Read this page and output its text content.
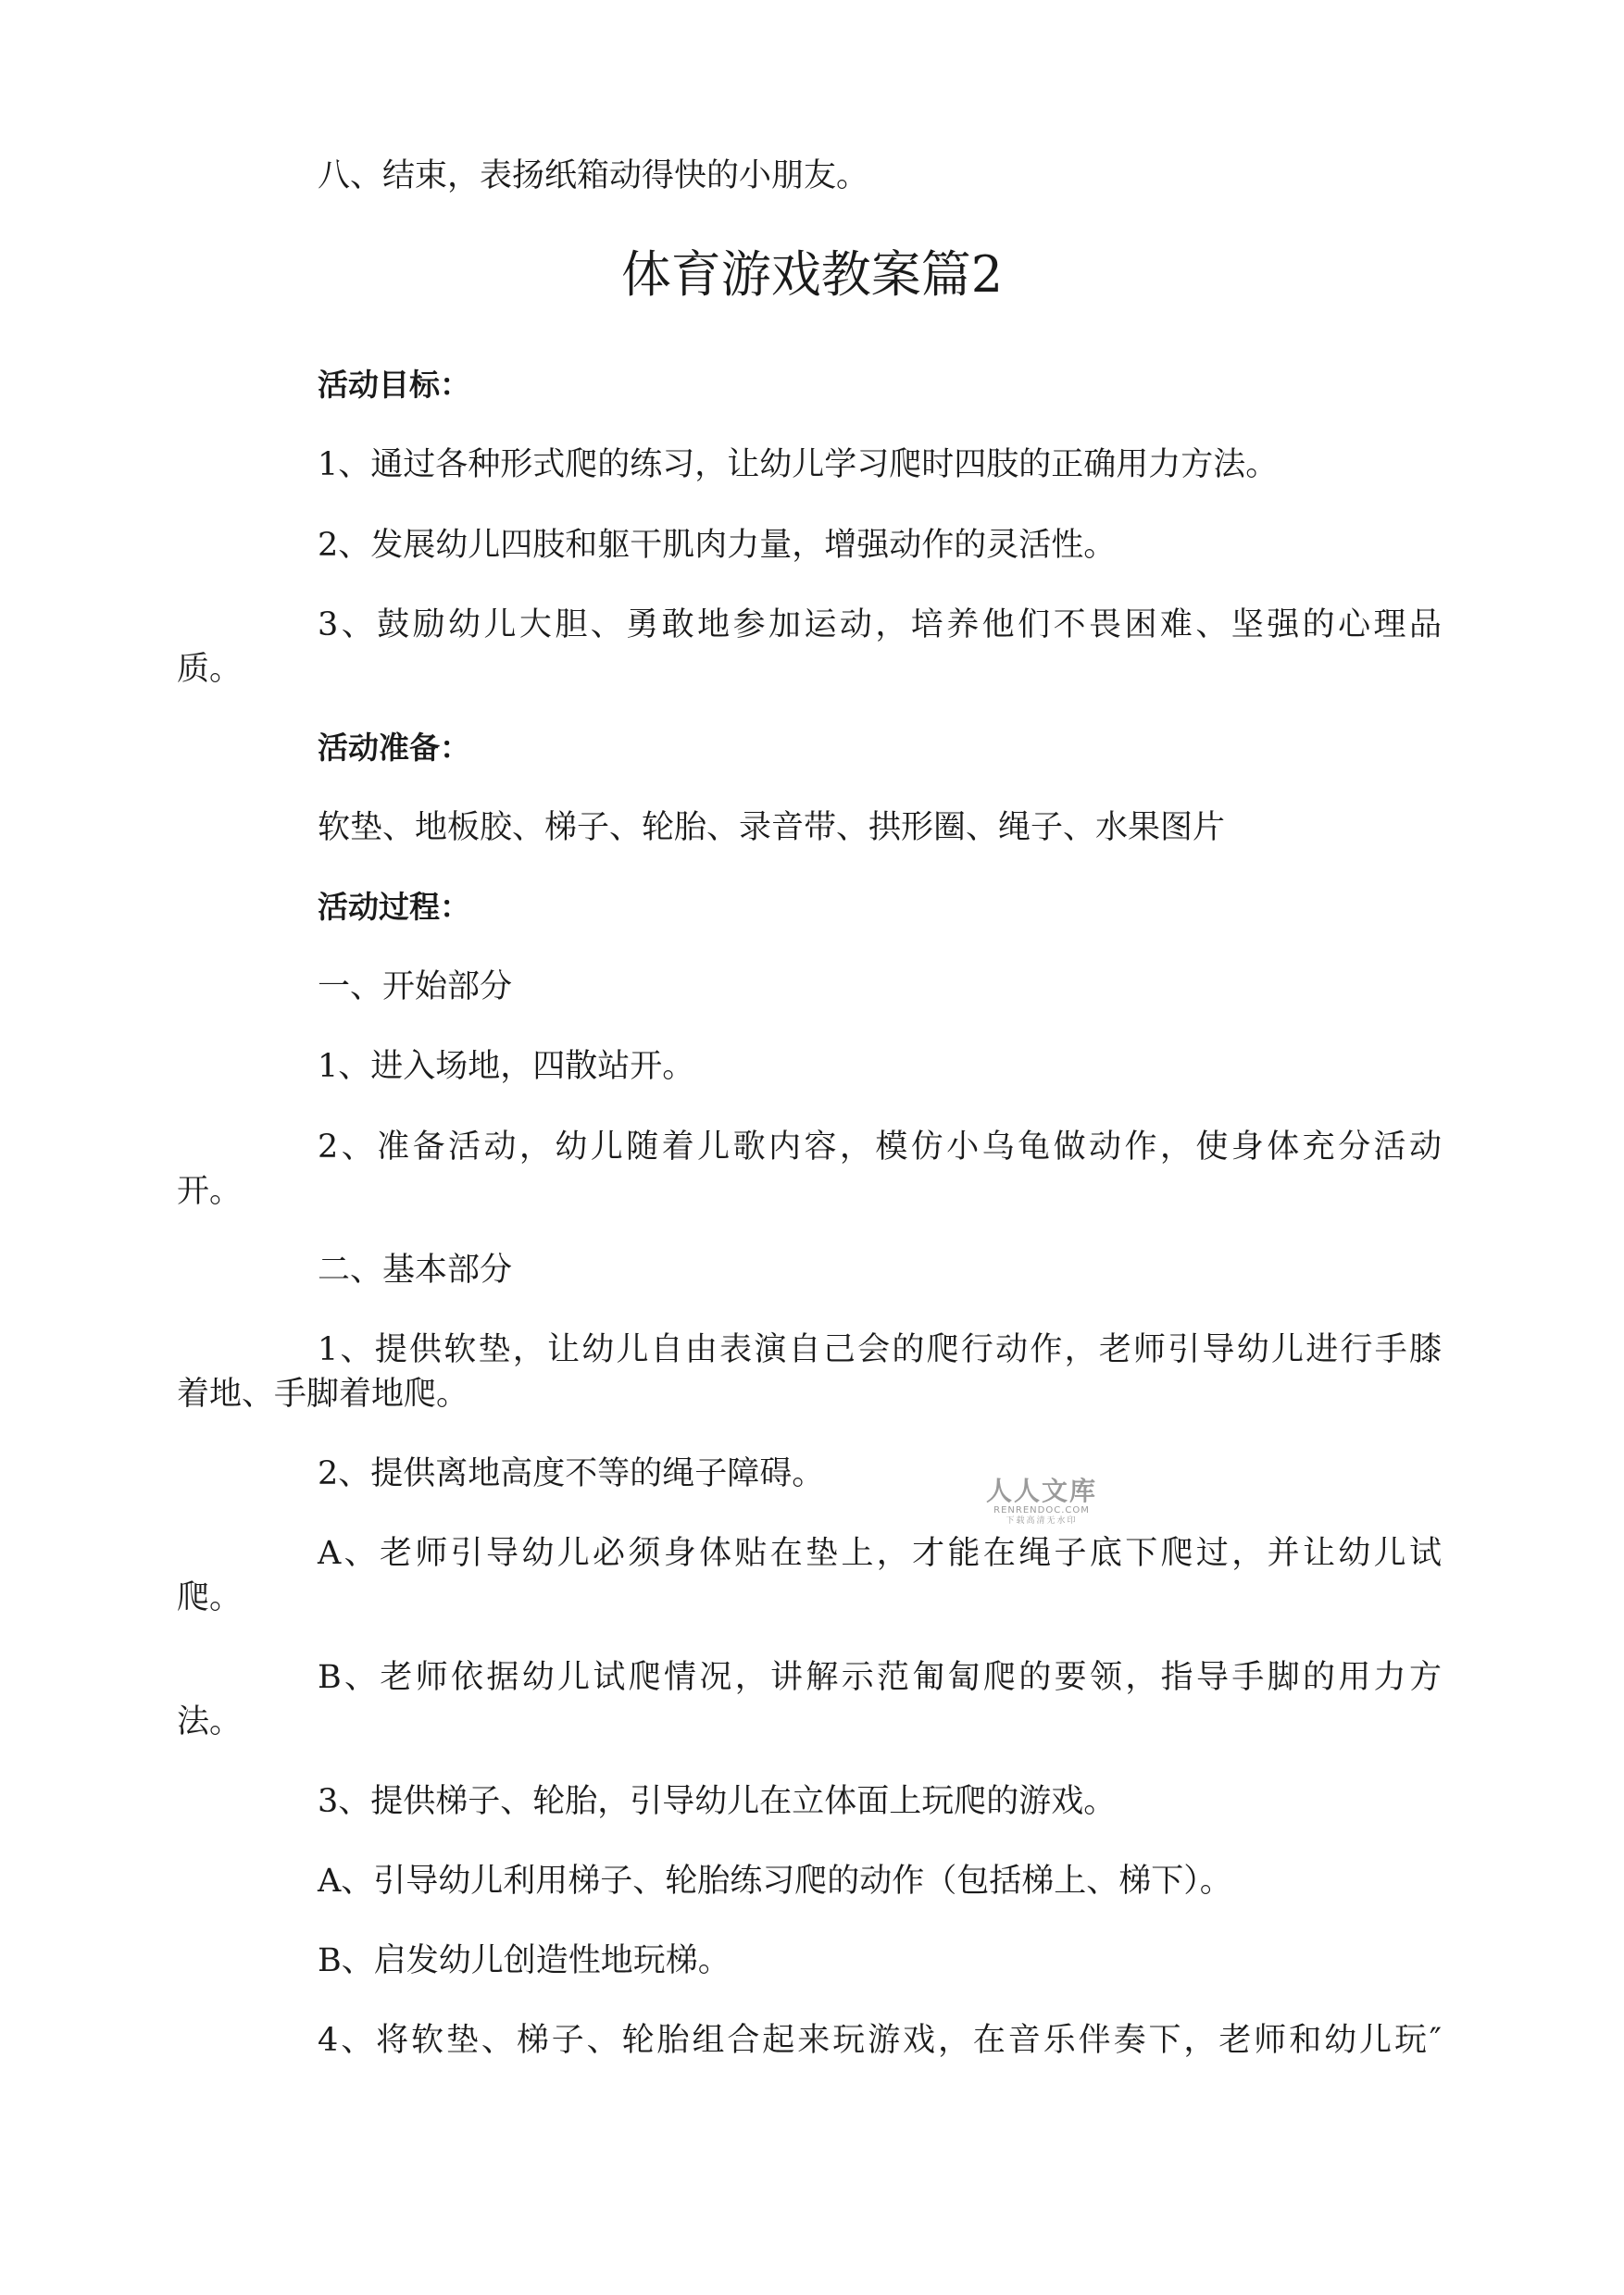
八、结束，表扬纸箱动得快的小朋友。

体育游戏教案篇2

活动目标：

1、通过各种形式爬的练习，让幼儿学习爬时四肢的正确用力方法。

2、发展幼儿四肢和躯干肌肉力量，增强动作的灵活性。

3、鼓励幼儿大胆、勇敢地参加运动，培养他们不畏困难、坚强的心理品

质。

活动准备：

软垫、地板胶、梯子、轮胎、录音带、拱形圈、绳子、水果图片

活动过程：

一、开始部分

1、进入场地，四散站开。

2、准备活动，幼儿随着儿歌内容，模仿小乌龟做动作，使身体充分活动

开。

二、基本部分

1、提供软垫，让幼儿自由表演自己会的爬行动作，老师引导幼儿进行手膝

着地、手脚着地爬。

2、提供离地高度不等的绳子障碍。

A、老师引导幼儿必须身体贴在垫上，才能在绳子底下爬过，并让幼儿试

爬。

B、老师依据幼儿试爬情况，讲解示范匍匐爬的要领，指导手脚的用力方

法。

3、提供梯子、轮胎，引导幼儿在立体面上玩爬的游戏。

A、引导幼儿利用梯子、轮胎练习爬的动作（包括梯上、梯下）。

B、启发幼儿创造性地玩梯。

4、将软垫、梯子、轮胎组合起来玩游戏，在音乐伴奏下，老师和幼儿玩″

人人文库
RENRENDOC.COM
下载高清无水印
